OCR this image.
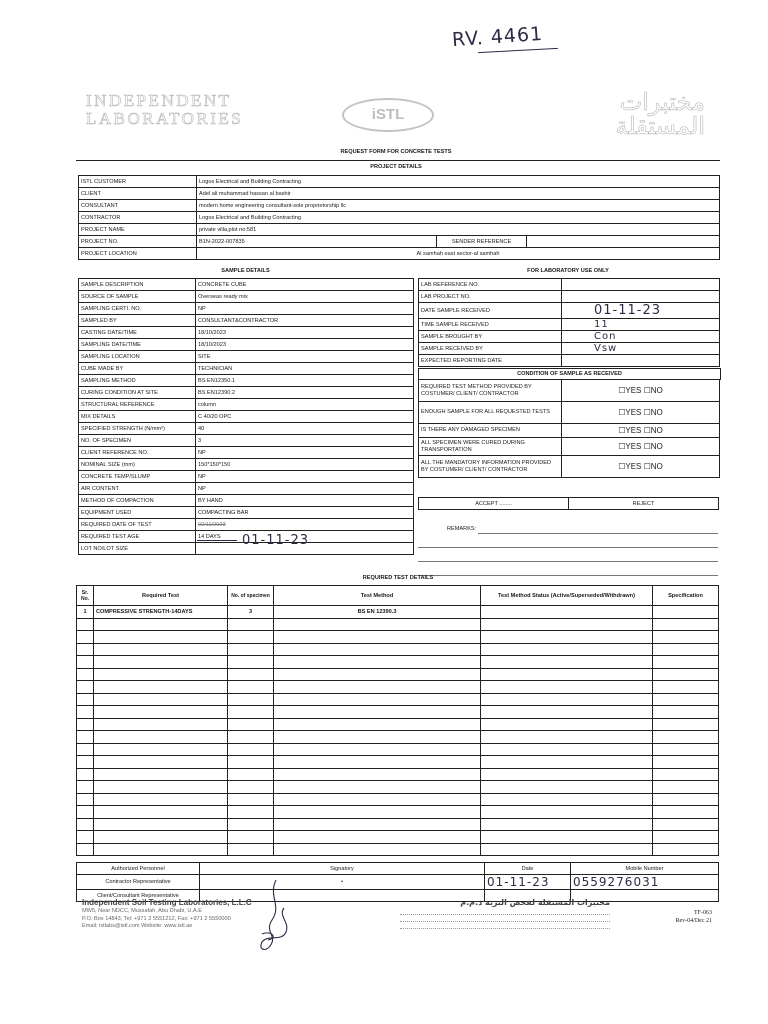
RV. 4461
INDEPENDENT
LABORATORIES	iSTL	مختبرات
المستقلة
REQUEST FORM FOR CONCRETE TESTS
PROJECT DETAILS
ISTL CUSTOMER	Logos Electrical and Building Contracting		
CLIENT	Adel ali muhammad hassan al bashir		
CONSULTANT	modern home engineering consultant-sole proprietorship llc		
CONTRACTOR	Logos Electrical and Building Contracting		
PROJECT NAME	private villa,plot no:581		
PROJECT NO.	B1N-2022-007835	SENDER REFERENCE	
PROJECT LOCATION	Al samhah east sector-al samhah		
SAMPLE DETAILS	FOR LABORATORY USE ONLY
SAMPLE DESCRIPTION	CONCRETE CUBE
SOURCE OF SAMPLE	Overseas ready mix
SAMPLING CERTI. NO.	NP
SAMPLED BY	CONSULTANT&CONTRACTOR
CASTING DATE/TIME	18/10/2023
SAMPLING DATE/TIME	18/10/2023
SAMPLING LOCATION	SITE
CUBE MADE BY	TECHNICIAN
SAMPLING METHOD	BS EN12350.1
CURING CONDITION AT SITE	BS EN12390.2
STRUCTURAL REFERENCE	column
MIX DETAILS	C 40/20 OPC
SPECIFIED STRENGTH (N/mm²)	40
NO. OF SPECIMEN	3
CLIENT REFERENCE NO.	NP
NOMINAL SIZE (mm)	150*150*150
CONCRETE TEMP/SLUMP	NP
AIR CONTENT	NP
METHOD OF COMPACTION	BY HAND
EQUIPMENT USED	COMPACTING BAR
REQUIRED DATE OF TEST	02/11/2023
REQUIRED TEST AGE	14 DAYS
LOT NO/LOT SIZE	
01-11-23
LAB REFERENCE NO.	
LAB PROJECT NO.	
DATE SAMPLE RECEIVED	01-11-23
TIME SAMPLE RECEIVED	11
SAMPLE BROUGHT BY	Con
SAMPLE RECEIVED BY	Vsw
EXPECTED REPORTING DATE	
CONDITION OF SAMPLE AS RECEIVED
REQUIRED TEST METHOD PROVIDED BY COSTUMER/ CLIENT/ CONTRACTOR	☐YES ☐NO
ENOUGH SAMPLE FOR ALL REQUESTED TESTS	☐YES ☐NO
IS THERE ANY DAMAGED SPECIMEN	☐YES ☐NO
ALL SPECIMEN WERE CURED DURING TRANSPORTATION	☐YES ☐NO
ALL THE MANDATORY INFORMATION PROVIDED BY COSTUMER/ CLIENT/ CONTRACTOR	☐YES ☐NO
ACCEPT ........	REJECT
REMARKS:
REQUIRED TEST DETAILS
Sr. No.	Required Test	No. of specimen	Test Method	Test Method Status (Active/Superseded/Withdrawn)	Specification
1	COMPRESSIVE STRENGTH-14DAYS	3	BS EN 12390.3		

Authorized Personnel	Signatory	Date	Mobile Number
Contractor Representative	•	01-11-23	0559276031
Client/Consultant Representative			
Independent Soil Testing Laboratories, L.L.C
MW5, Near NDCC, Mussafah, Abu Dhabi, U.A.E
P.O. Box 14843, Tel: +971 2 5551212, Fax: +971 2 5550000
Email: istlabs@istl.com Website: www.istl.ae
مختبرات المستقلة لفحص التربة ذ.م.م
TF-063
Rev-04/Dec 21
